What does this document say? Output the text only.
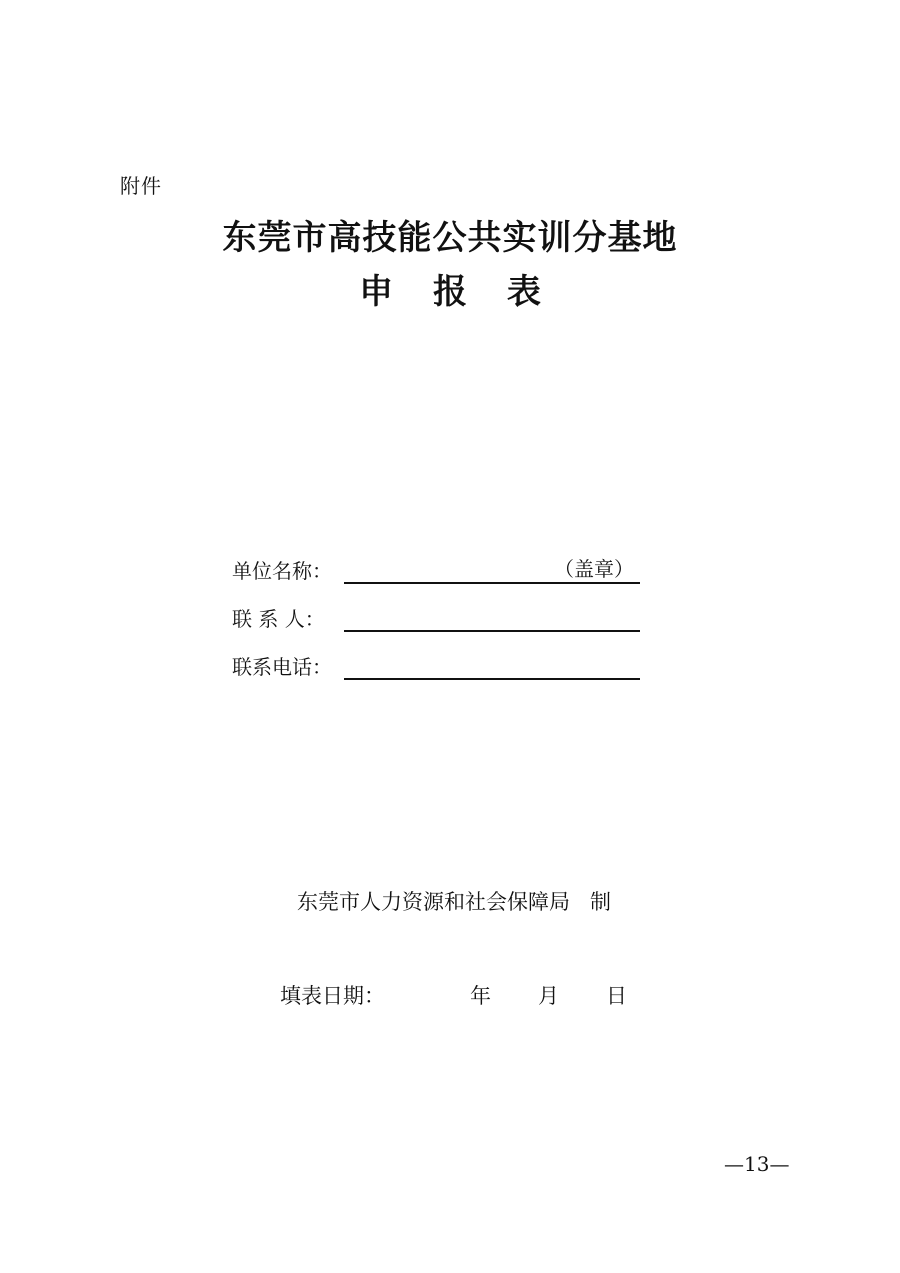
附件
东莞市高技能公共实训分基地
申 报 表
单位名称：	（盖章）
联 系 人：
联系电话：
东莞市人力资源和社会保障局 制
填表日期：	年	月	日
—13—
